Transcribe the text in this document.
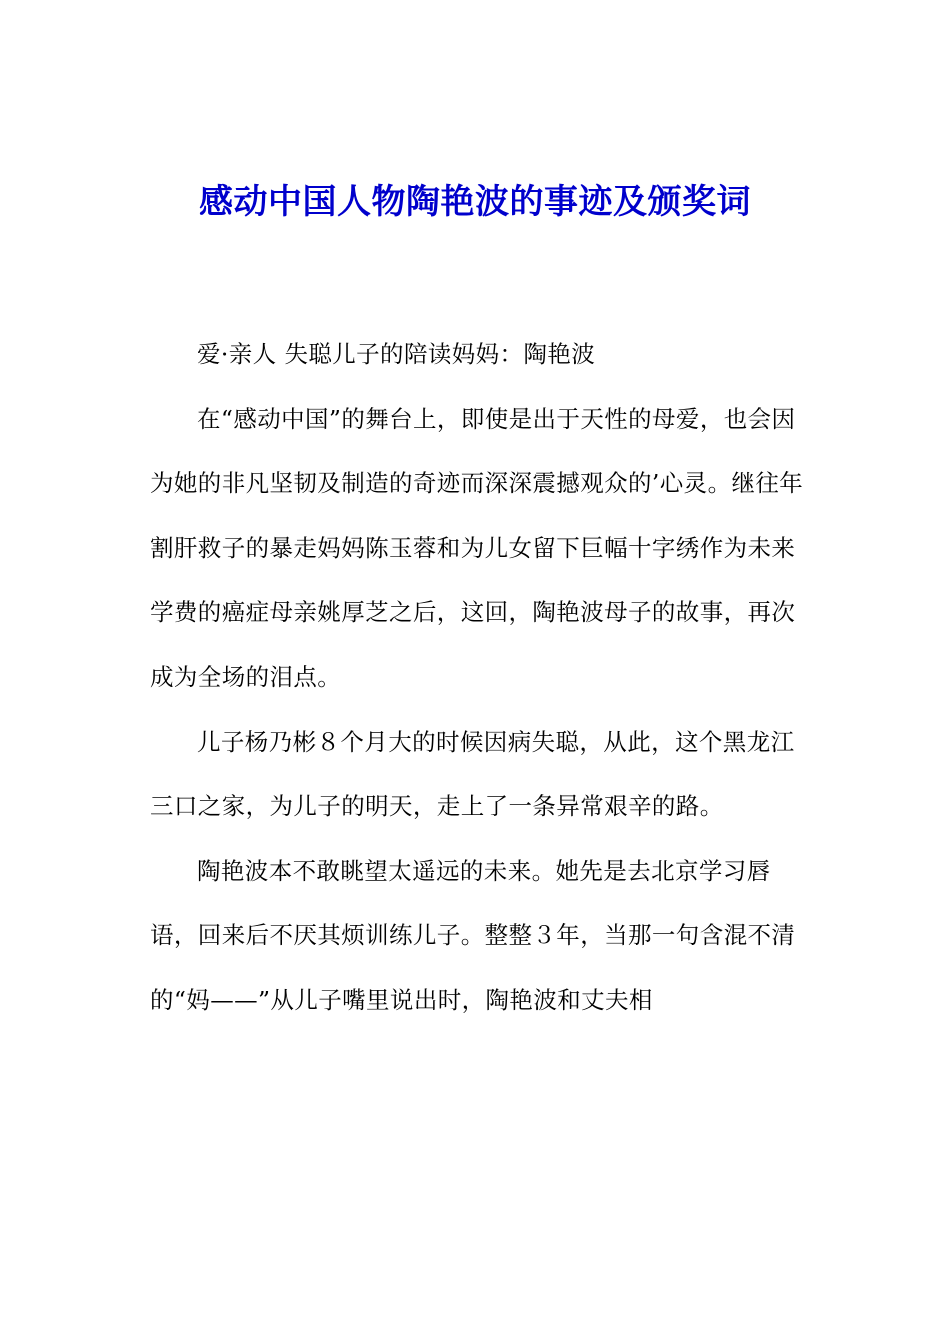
感动中国人物陶艳波的事迹及颁奖词

爱·亲人 失聪儿子的陪读妈妈：陶艳波

在“感动中国”的舞台上，即使是出于天性的母爱，也会因为她的非凡坚韧及制造的奇迹而深深震撼观众的’心灵。继往年割肝救子的暴走妈妈陈玉蓉和为儿女留下巨幅十字绣作为未来学费的癌症母亲姚厚芝之后，这回，陶艳波母子的故事，再次成为全场的泪点。

儿子杨乃彬８个月大的时候因病失聪，从此，这个黑龙江三口之家，为儿子的明天，走上了一条异常艰辛的路。

陶艳波本不敢眺望太遥远的未来。她先是去北京学习唇语，回来后不厌其烦训练儿子。整整３年，当那一句含混不清的“妈——”从儿子嘴里说出时，陶艳波和丈夫相
